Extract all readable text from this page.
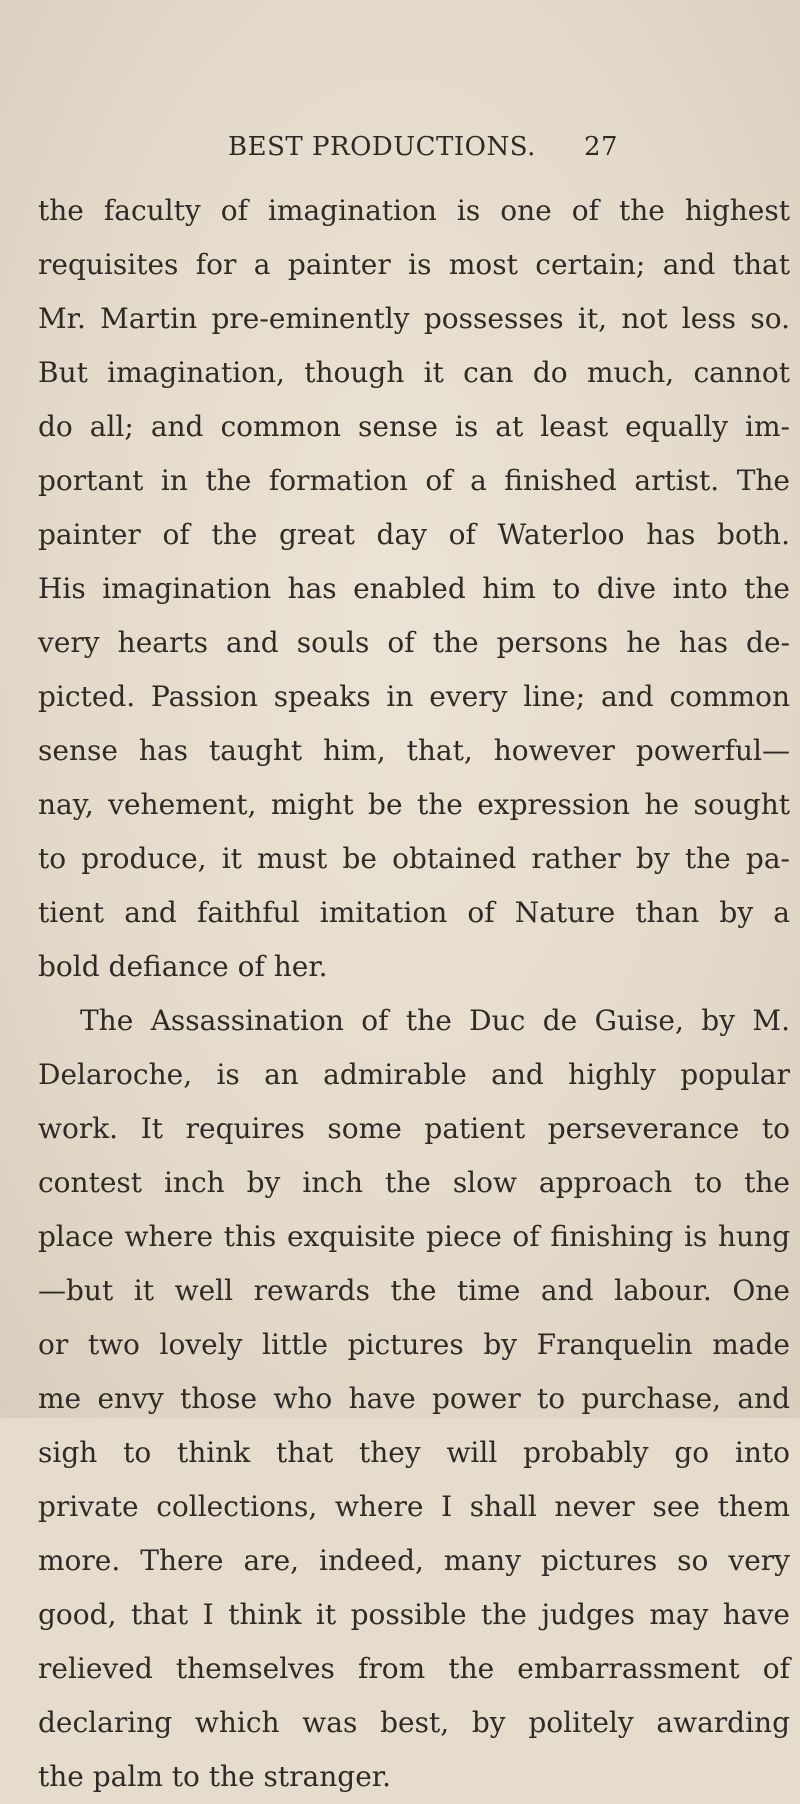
BEST PRODUCTIONS. 27
the faculty of imagination is one of the highest
requisites for a painter is most certain; and that
Mr. Martin pre-eminently possesses it, not less so.
But imagination, though it can do much, cannot
do all; and common sense is at least equally im-
portant in the formation of a finished artist. The
painter of the great day of Waterloo has both.
His imagination has enabled him to dive into the
very hearts and souls of the persons he has de-
picted. Passion speaks in every line; and common
sense has taught him, that, however powerful—
nay, vehement, might be the expression he sought
to produce, it must be obtained rather by the pa-
tient and faithful imitation of Nature than by a
bold defiance of her.
The Assassination of the Duc de Guise, by M.
Delaroche, is an admirable and highly popular
work. It requires some patient perseverance to
contest inch by inch the slow approach to the
place where this exquisite piece of finishing is hung
—but it well rewards the time and labour. One
or two lovely little pictures by Franquelin made
me envy those who have power to purchase, and
sigh to think that they will probably go into
private collections, where I shall never see them
more. There are, indeed, many pictures so very
good, that I think it possible the judges may have
relieved themselves from the embarrassment of
declaring which was best, by politely awarding
the palm to the stranger.
